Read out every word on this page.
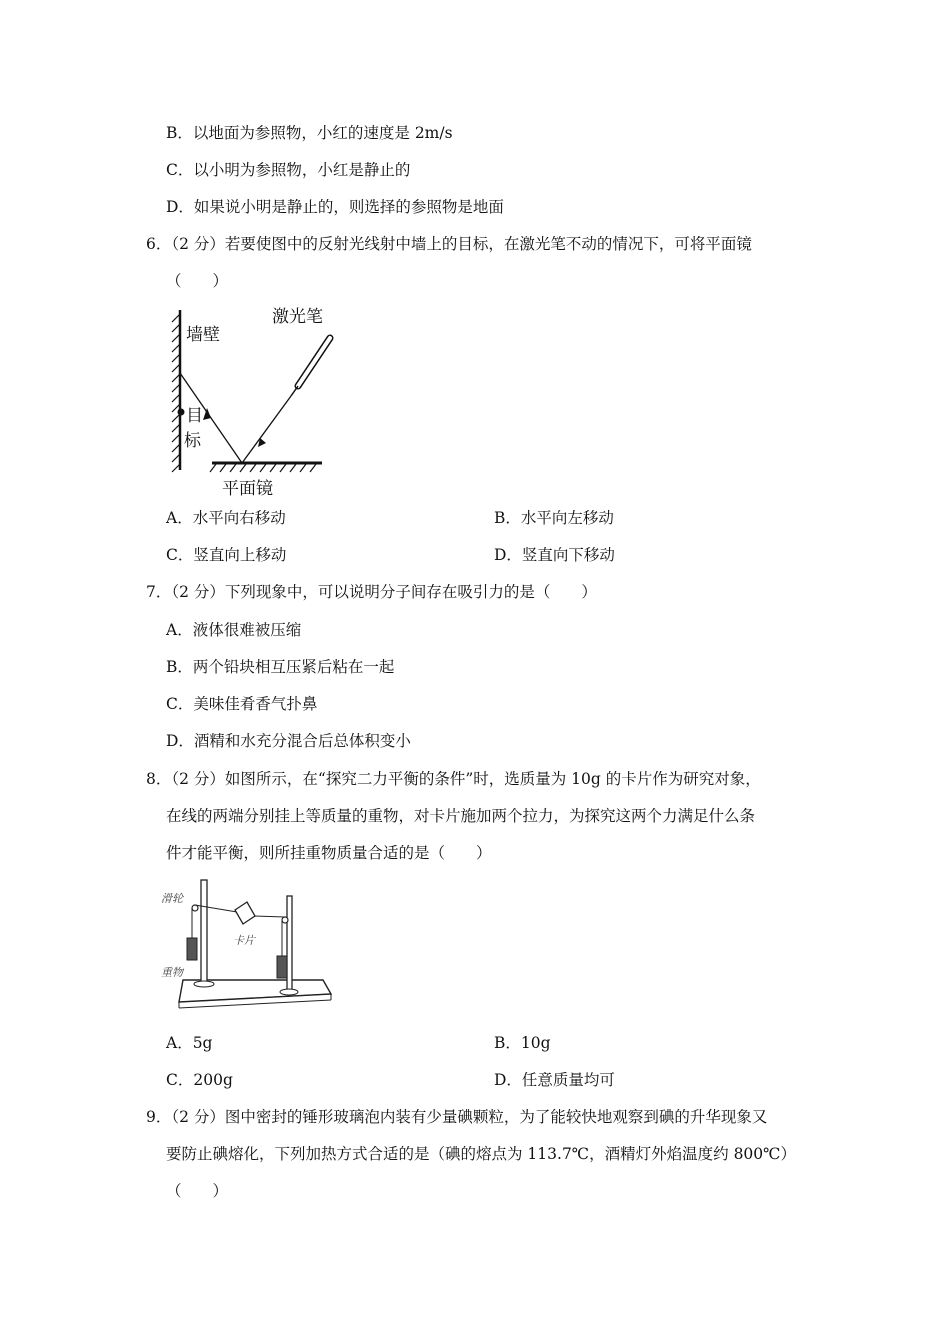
B．以地面为参照物，小红的速度是 2m/s
C．以小明为参照物，小红是静止的
D．如果说小明是静止的，则选择的参照物是地面
6．（2 分）若要使图中的反射光线射中墙上的目标，在激光笔不动的情况下，可将平面镜
（　　）
墙壁
目
标
平面镜
激光笔
A．水平向右移动	B．水平向左移动
C．竖直向上移动	D．竖直向下移动
7．（2 分）下列现象中，可以说明分子间存在吸引力的是（　　）
A．液体很难被压缩
B．两个铅块相互压紧后粘在一起
C．美味佳肴香气扑鼻
D．酒精和水充分混合后总体积变小
8．（2 分）如图所示，在“探究二力平衡的条件”时，选质量为 10g 的卡片作为研究对象，
在线的两端分别挂上等质量的重物，对卡片施加两个拉力，为探究这两个力满足什么条
件才能平衡，则所挂重物质量合适的是（　　）
滑轮
卡片
重物
A．5g	B．10g
C．200g	D．任意质量均可
9．（2 分）图中密封的锤形玻璃泡内装有少量碘颗粒，为了能较快地观察到碘的升华现象又
要防止碘熔化，下列加热方式合适的是（碘的熔点为 113.7℃，酒精灯外焰温度约 800℃）
（　　）
